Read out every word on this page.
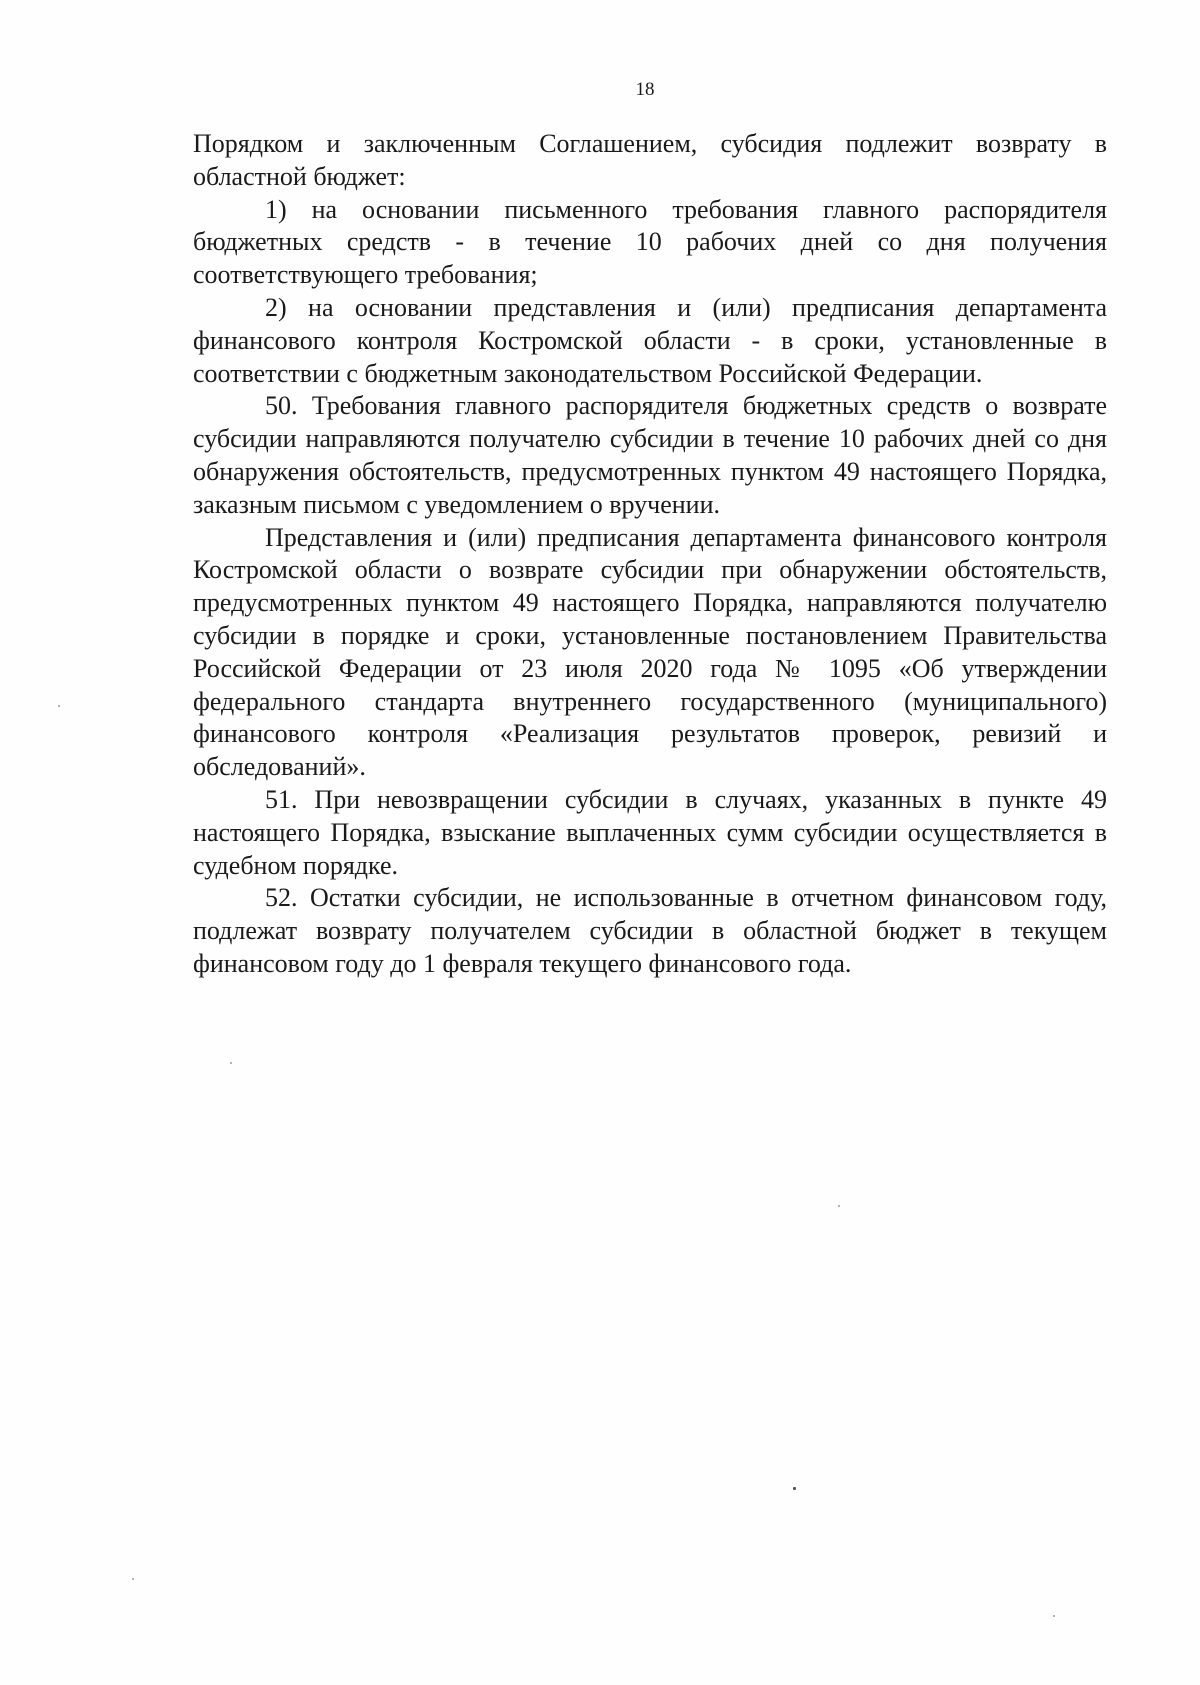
18

Порядком и заключенным Соглашением, субсидия подлежит возврату в областной бюджет:

1) на основании письменного требования главного распорядителя бюджетных средств - в течение 10 рабочих дней со дня получения соответствующего требования;

2) на основании представления и (или) предписания департамента финансового контроля Костромской области - в сроки, установленные в соответствии с бюджетным законодательством Российской Федерации.

50. Требования главного распорядителя бюджетных средств о возврате субсидии направляются получателю субсидии в течение 10 рабочих дней со дня обнаружения обстоятельств, предусмотренных пунктом 49 настоящего Порядка, заказным письмом с уведомлением о вручении.

Представления и (или) предписания департамента финансового контроля Костромской области о возврате субсидии при обнаружении обстоятельств, предусмотренных пунктом 49 настоящего Порядка, направляются получателю субсидии в порядке и сроки, установленные постановлением Правительства Российской Федерации от 23 июля 2020 года № 1095 «Об утверждении федерального стандарта внутреннего государственного (муниципального) финансового контроля «Реализация результатов проверок, ревизий и обследований».

51. При невозвращении субсидии в случаях, указанных в пункте 49 настоящего Порядка, взыскание выплаченных сумм субсидии осуществляется в судебном порядке.

52. Остатки субсидии, не использованные в отчетном финансовом году, подлежат возврату получателем субсидии в областной бюджет в текущем финансовом году до 1 февраля текущего финансового года.
